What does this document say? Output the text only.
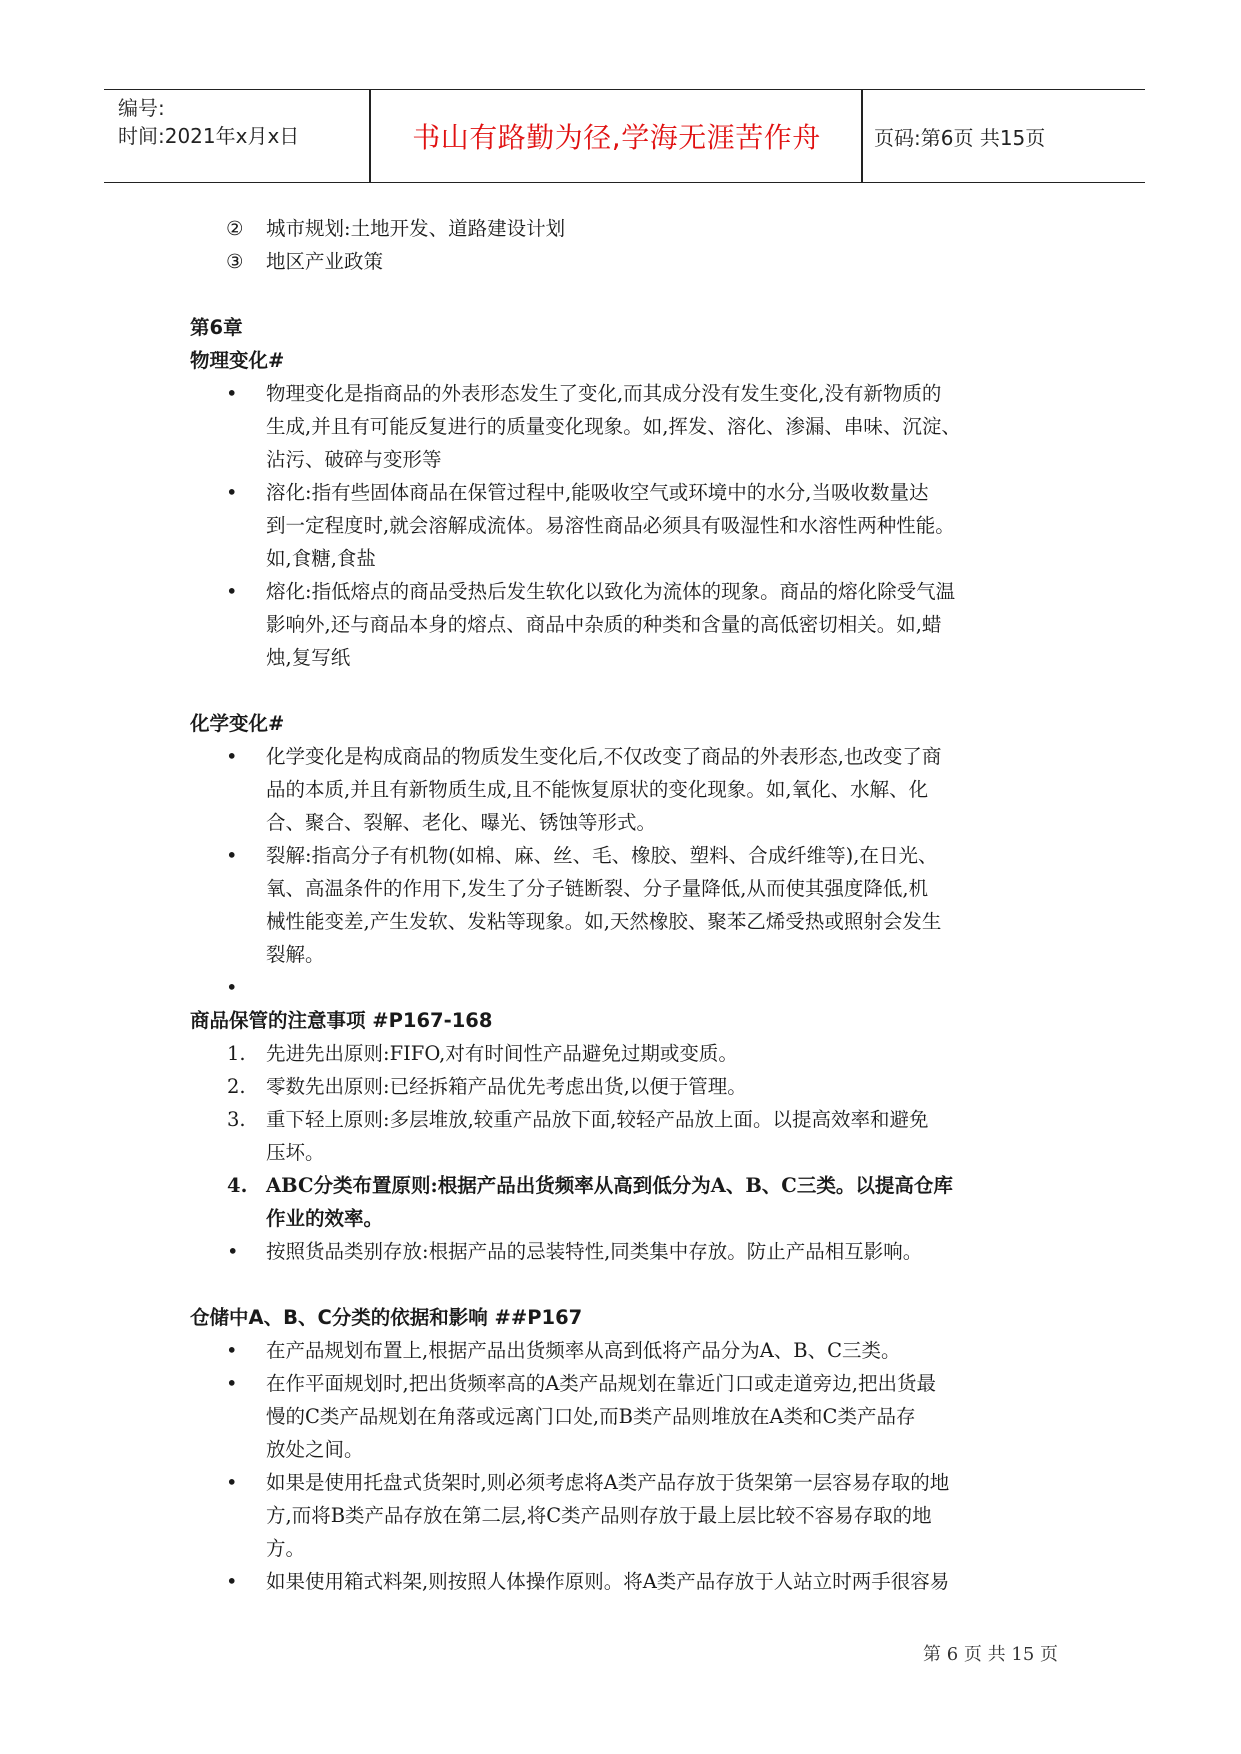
编号:
时间:2021年x月x日	书山有路勤为径,学海无涯苦作舟	页码:第6页 共15页
② 城市规划:土地开发、道路建设计划
③ 地区产业政策
第6章
物理变化#
• 物理变化是指商品的外表形态发生了变化,而其成分没有发生变化,没有新物质的
生成,并且有可能反复进行的质量变化现象。如,挥发、溶化、渗漏、串味、沉淀、
沾污、破碎与变形等
• 溶化:指有些固体商品在保管过程中,能吸收空气或环境中的水分,当吸收数量达
到一定程度时,就会溶解成流体。易溶性商品必须具有吸湿性和水溶性两种性能。
如,食糖,食盐
• 熔化:指低熔点的商品受热后发生软化以致化为流体的现象。商品的熔化除受气温
影响外,还与商品本身的熔点、商品中杂质的种类和含量的高低密切相关。如,蜡
烛,复写纸
化学变化#
• 化学变化是构成商品的物质发生变化后,不仅改变了商品的外表形态,也改变了商
品的本质,并且有新物质生成,且不能恢复原状的变化现象。如,氧化、水解、化
合、聚合、裂解、老化、曝光、锈蚀等形式。
• 裂解:指高分子有机物(如棉、麻、丝、毛、橡胶、塑料、合成纤维等),在日光、
氧、高温条件的作用下,发生了分子链断裂、分子量降低,从而使其强度降低,机
械性能变差,产生发软、发粘等现象。如,天然橡胶、聚苯乙烯受热或照射会发生
裂解。
•

商品保管的注意事项 #P167-168
1. 先进先出原则:FIFO,对有时间性产品避免过期或变质。
2. 零数先出原则:已经拆箱产品优先考虑出货,以便于管理。
3. 重下轻上原则:多层堆放,较重产品放下面,较轻产品放上面。以提高效率和避免
压坏。
4. ABC分类布置原则:根据产品出货频率从高到低分为A、B、C三类。以提高仓库
作业的效率。
• 按照货品类别存放:根据产品的忌装特性,同类集中存放。防止产品相互影响。
仓储中A、B、C分类的依据和影响 ##P167
• 在产品规划布置上,根据产品出货频率从高到低将产品分为A、B、C三类。
• 在作平面规划时,把出货频率高的A类产品规划在靠近门口或走道旁边,把出货最
慢的C类产品规划在角落或远离门口处,而B类产品则堆放在A类和C类产品存
放处之间。
• 如果是使用托盘式货架时,则必须考虑将A类产品存放于货架第一层容易存取的地
方,而将B类产品存放在第二层,将C类产品则存放于最上层比较不容易存取的地
方。
• 如果使用箱式料架,则按照人体操作原则。将A类产品存放于人站立时两手很容易
第 6 页 共 15 页
